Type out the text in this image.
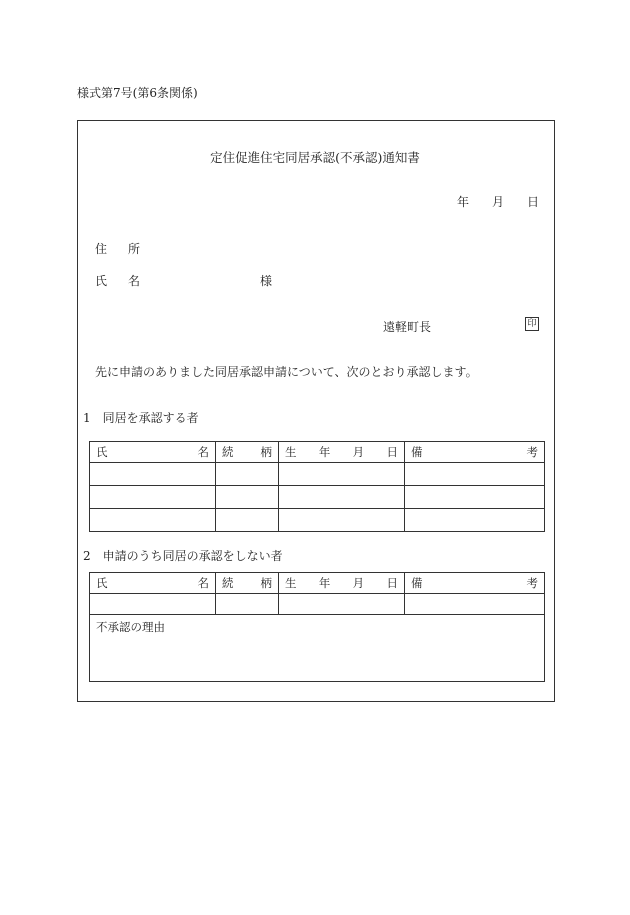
様式第7号(第6条関係)
定住促進住宅同居承認(不承認)通知書
年 月 日
住 所
氏 名	様
遠軽町長	印
先に申請のありました同居承認申請について、次のとおり承認します。
1　同居を承認する者
氏 名	続 柄	生 年 月 日	備 考

2　申請のうち同居の承認をしない者
氏 名	続 柄	生 年 月 日	備 考

不承認の理由			
